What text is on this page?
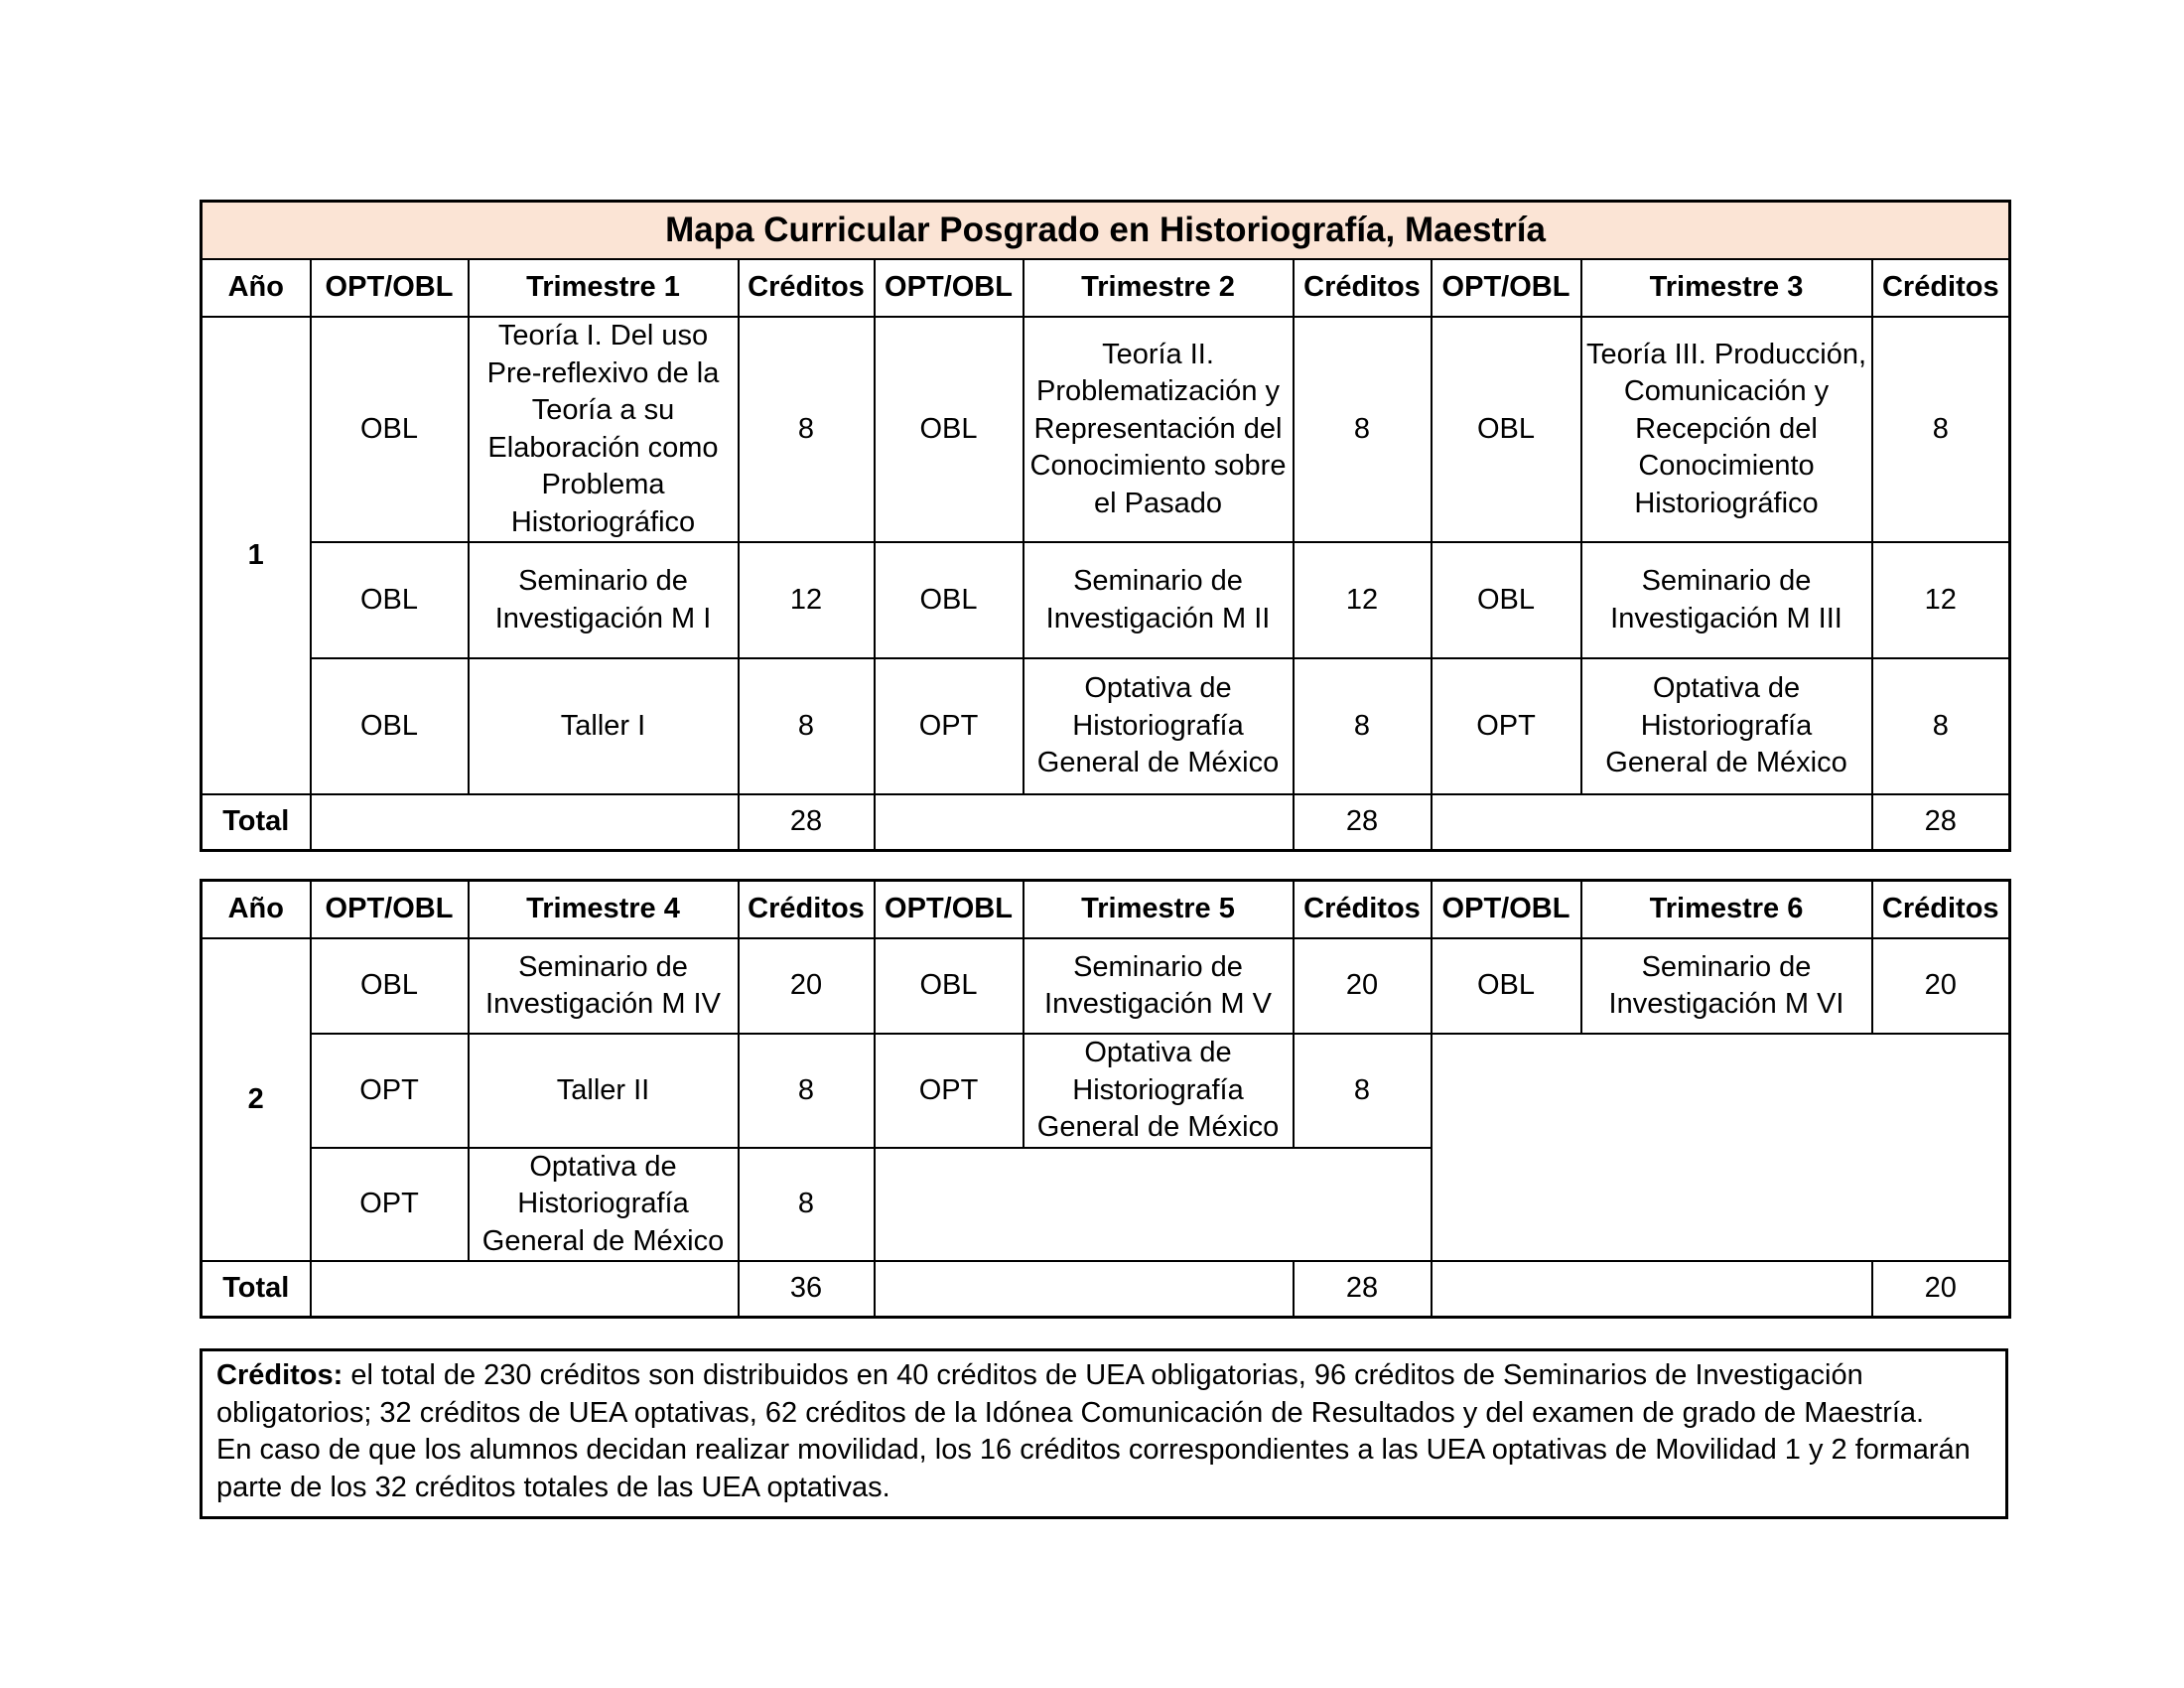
Mapa Curricular Posgrado en Historiografía, Maestría									
Año	OPT/OBL	Trimestre 1	Créditos	OPT/OBL	Trimestre 2	Créditos	OPT/OBL	Trimestre 3	Créditos
1	OBL	Teoría I. Del uso Pre-reflexivo de la Teoría a su Elaboración como Problema Historiográfico	8	OBL	Teoría II. Problematización y Representación del Conocimiento sobre el Pasado	8	OBL	Teoría III. Producción, Comunicación y Recepción del Conocimiento Historiográfico	8
	OBL	Seminario de Investigación M I	12	OBL	Seminario de Investigación M II	12	OBL	Seminario de Investigación M III	12
	OBL	Taller I	8	OPT	Optativa de Historiografía General de México	8	OPT	Optativa de Historiografía General de México	8
Total			28			28			28
Año	OPT/OBL	Trimestre 4	Créditos	OPT/OBL	Trimestre 5	Créditos	OPT/OBL	Trimestre 6	Créditos
2	OBL	Seminario de Investigación M IV	20	OBL	Seminario de Investigación M V	20	OBL	Seminario de Investigación M VI	20
	OPT	Taller II	8	OPT	Optativa de Historiografía General de México	8			
	OPT	Optativa de Historiografía General de México	8						
Total			36			28			20
Créditos: el total de 230 créditos son distribuidos en 40 créditos de UEA obligatorias, 96 créditos de Seminarios de Investigación obligatorios; 32 créditos de UEA optativas, 62 créditos de la Idónea Comunicación de Resultados y del examen de grado de Maestría.
En caso de que los alumnos decidan realizar movilidad, los 16 créditos correspondientes a las UEA optativas de Movilidad 1 y 2 formarán parte de los 32 créditos totales de las UEA optativas.
